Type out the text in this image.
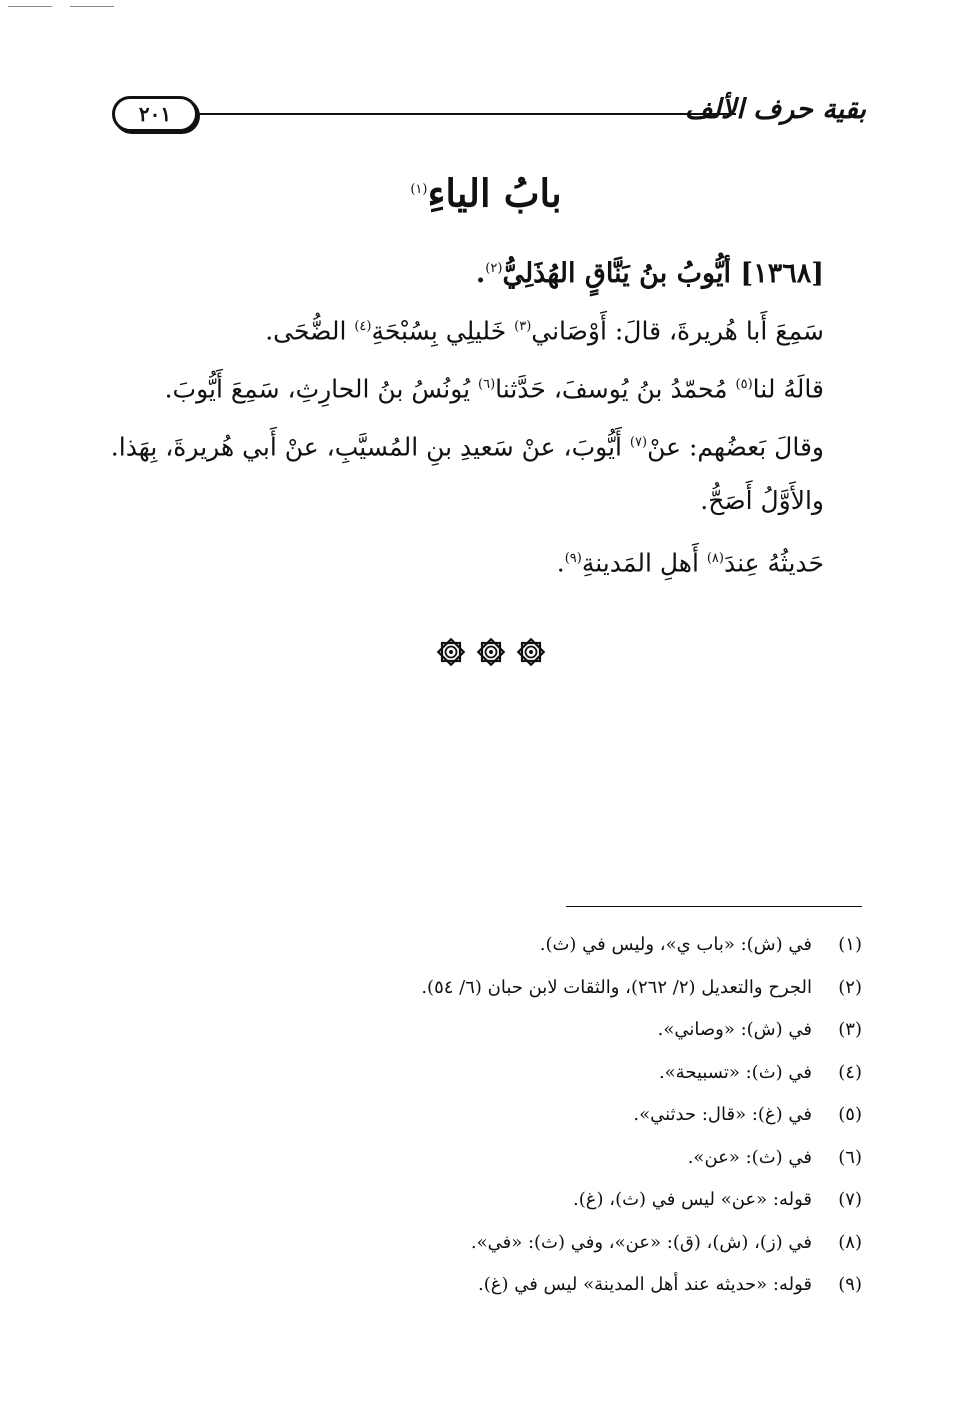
٢٠١	بقية حرف الألف
بابُ الياءِ$^{(١)}$
[١٣٦٨] أيُّوبُ بنُ يَنَّاقٍ الهُذَلِيُّ$^{(٢)}$.
سَمِعَ أَبا هُريرةَ، قالَ: أَوْصَاني$^{(٣)}$ خَليلِي بِسُبْحَةِ$^{(٤)}$ الضُّحَى.
قالَهُ لنا$^{(٥)}$ مُحمّدُ بنُ يُوسفَ، حَدَّثنا$^{(٦)}$ يُونُسُ بنُ الحارِثِ، سَمِعَ أَيُّوبَ.
وقالَ بَعضُهم: عنْ$^{(٧)}$ أَيُّوبَ، عنْ سَعيدِ بنِ المُسيَّبِ، عنْ أَبي هُريرةَ، بِهَذا.
والأَوَّلُ أَصَحُّ.
حَديثُهُ عِندَ$^{(٨)}$ أَهلِ المَدينةِ$^{(٩)}$.
(١)في (ش): «باب ي»، وليس في (ث).
(٢)الجرح والتعديل (٢/ ٢٦٢)، والثقات لابن حبان (٦/ ٥٤).
(٣)في (ش): «وصاني».
(٤)في (ث): «تسبيحة».
(٥)في (غ): «قال: حدثني».
(٦)في (ث): «عن».
(٧)قوله: «عن» ليس في (ث)، (غ).
(٨)في (ز)، (ش)، (ق): «عن»، وفي (ث): «في».
(٩)قوله: «حديثه عند أهل المدينة» ليس في (غ).
